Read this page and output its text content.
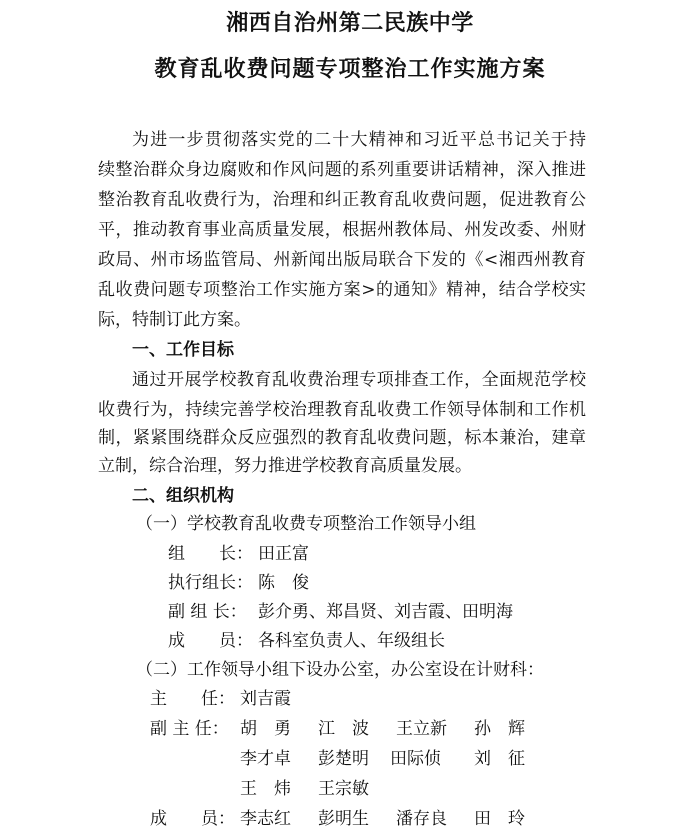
湘西自治州第二民族中学
教育乱收费问题专项整治工作实施方案
为进一步贯彻落实党的二十大精神和习近平总书记关于持
续整治群众身边腐败和作风问题的系列重要讲话精神，深入推进
整治教育乱收费行为，治理和纠正教育乱收费问题，促进教育公
平，推动教育事业高质量发展，根据州教体局、州发改委、州财
政局、州市场监管局、州新闻出版局联合下发的《<湘西州教育
乱收费问题专项整治工作实施方案>的通知》精神，结合学校实
际，特制订此方案。
一、工作目标
通过开展学校教育乱收费治理专项排查工作，全面规范学校
收费行为，持续完善学校治理教育乱收费工作领导体制和工作机
制，紧紧围绕群众反应强烈的教育乱收费问题，标本兼治，建章
立制，综合治理，努力推进学校教育高质量发展。
二、组织机构
（一）学校教育乱收费专项整治工作领导小组
组　　长： 田正富
执行组长： 陈　俊
副 组 长： 彭介勇、郑昌贤、刘吉霞、田明海
成　　员： 各科室负责人、年级组长
（二）工作领导小组下设办公室，办公室设在计财科：
主　　任： 刘吉霞
副 主 任： 胡　勇 江　波 王立新 孙　辉
李才卓 彭楚明 田际侦 刘　征
王　炜 王宗敏
成　　员： 李志红 彭明生 潘存良 田　玲
